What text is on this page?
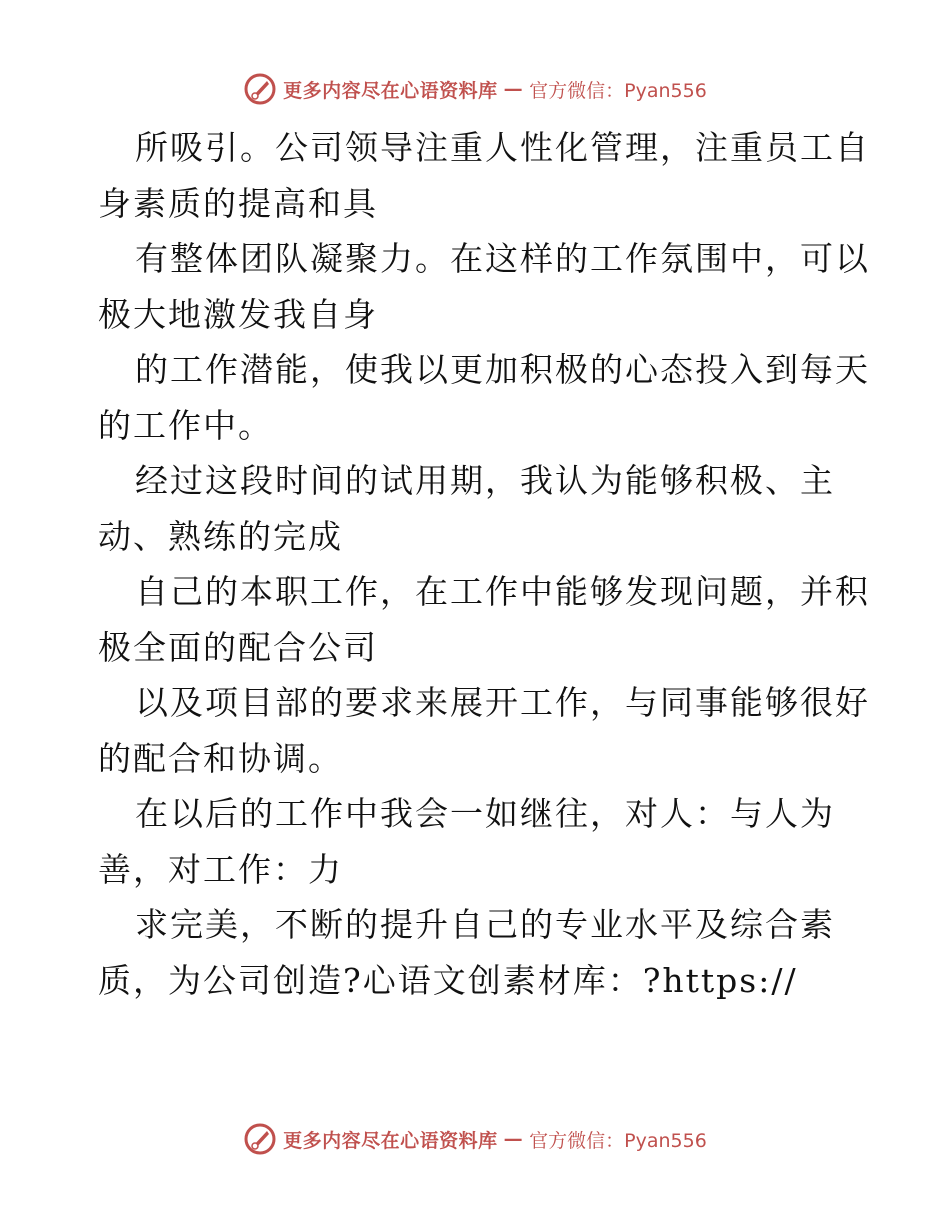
更多内容尽在心语资料库 — 官方微信：Pyan556
所吸引。公司领导注重人性化管理，注重员工自
身素质的提高和具
有整体团队凝聚力。在这样的工作氛围中，可以
极大地激发我自身
的工作潜能，使我以更加积极的心态投入到每天
的工作中。
经过这段时间的试用期，我认为能够积极、主
动、熟练的完成
自己的本职工作，在工作中能够发现问题，并积
极全面的配合公司
以及项目部的要求来展开工作，与同事能够很好
的配合和协调。
在以后的工作中我会一如继往，对人：与人为
善，对工作：力
求完美，不断的提升自己的专业水平及综合素
质，为公司创造?心语文创素材库：?https://
更多内容尽在心语资料库 — 官方微信：Pyan556
